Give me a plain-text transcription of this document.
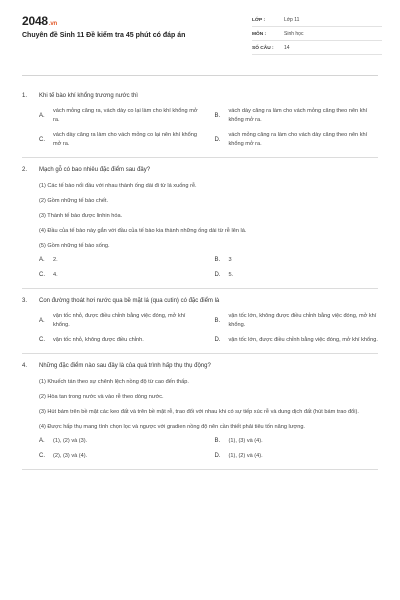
2048.vn
Chuyên đề Sinh 11 Đề kiểm tra 45 phút có đáp án
LỚP :	Lớp 11
MÔN :	Sinh học
SỐ CÂU :	14
1.	Khi tế bào khí khổng trương nước thì
A.
vách mỏng căng ra, vách dày co lại làm cho khí khổng mở ra.
B.
vách dày căng ra làm cho vách mỏng căng theo nên khí khổng mở ra.
C.
vách dày căng ra làm cho vách mỏng co lại nên khí khổng mở ra.
D.
vách mỏng căng ra làm cho vách dày căng theo nên khí khổng mở ra.
2.	Mạch gỗ có bao nhiêu đặc điểm sau đây?
(1) Các tế bào nối đầu với nhau thành ống dài đi từ lá xuống rễ.
(2) Gồm những tế bào chết.
(3) Thành tế bào được linhin hóa.
(4) Đầu của tế bào này gắn với đầu của tế bào kia thành những ống dài từ rễ lên lá.
(5) Gồm những tế bào sống.
A.	2.	B.	3
C.	4.	D.	5.
3.	Con đường thoát hơi nước qua bề mặt lá (qua cutin) có đặc điểm là
A.
vận tốc nhỏ, được điều chỉnh bằng việc đóng, mở khí khổng.
B.
vận tốc lớn, không được điều chỉnh bằng việc đóng, mở khí khổng.
C.	vận tốc nhỏ, không được điều chỉnh.	D.	vận tốc lớn, được điều chỉnh bằng việc đóng, mở khí khổng.
4.	Những đặc điểm nào sau đây là của quá trình hấp thụ thụ động?
(1) Khuếch tán theo sự chênh lệch nồng độ từ cao đến thấp.
(2) Hòa tan trong nước và vào rễ theo dòng nước.
(3) Hút bám trên bề mặt các keo đất và trên bề mặt rễ, trao đổi với nhau khi có sự tiếp xúc rễ và dung dịch đất (hút bám trao đổi).
(4) Được hấp thụ mang tính chọn lọc và ngược với gradien nồng độ nên cần thiết phải tiêu tốn năng lượng.
A.	(1), (2) và (3).	B.	(1), (3) và (4).
C.	(2), (3) và (4).	D.	(1), (2) và (4).
